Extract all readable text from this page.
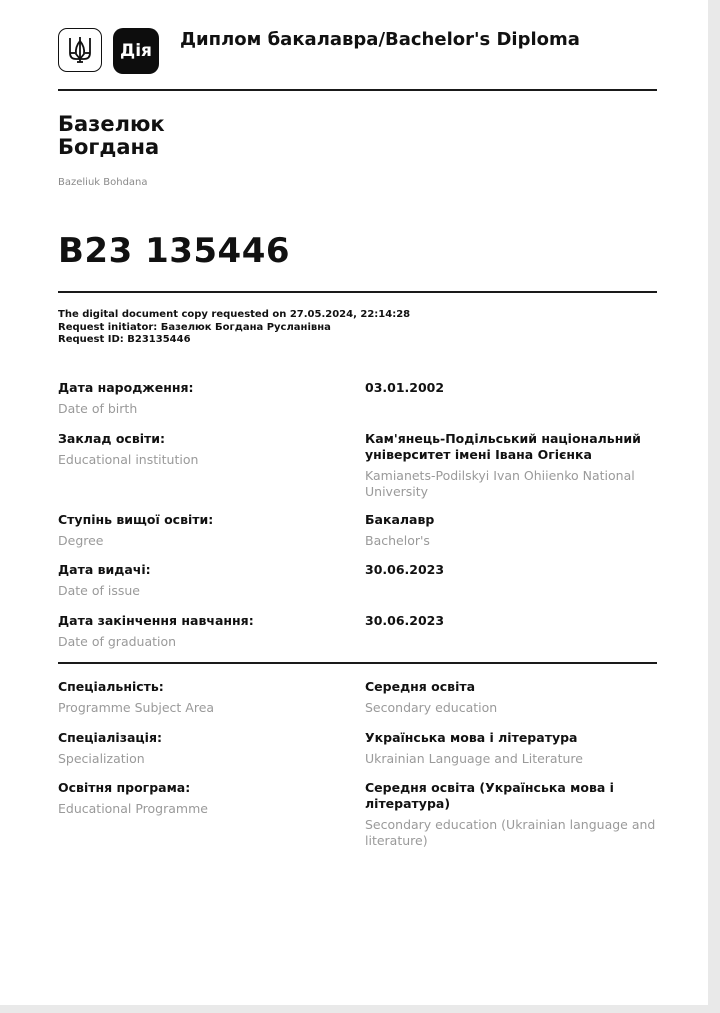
Дія
Диплом бакалавра/Bachelor's Diploma
Базелюк
Богдана
Bazeliuk Bohdana
B23 135446
The digital document copy requested on 27.05.2024, 22:14:28
Request initiator: Базелюк Богдана Русланівна
Request ID: B23135446
Дата народження:
Date of birth
03.01.2002
Заклад освіти:
Educational institution
Кам'янець-Подільський національний університет імені Івана Огієнка
Kamianets-Podilskyi Ivan Ohiienko National University
Ступінь вищої освіти:
Degree
Бакалавр
Bachelor's
Дата видачі:
Date of issue
30.06.2023
Дата закінчення навчання:
Date of graduation
30.06.2023
Спеціальність:
Programme Subject Area
Середня освіта
Secondary education
Спеціалізація:
Specialization
Українська мова і література
Ukrainian Language and Literature
Освітня програма:
Educational Programme
Середня освіта (Українська мова і література)
Secondary education (Ukrainian language and literature)
